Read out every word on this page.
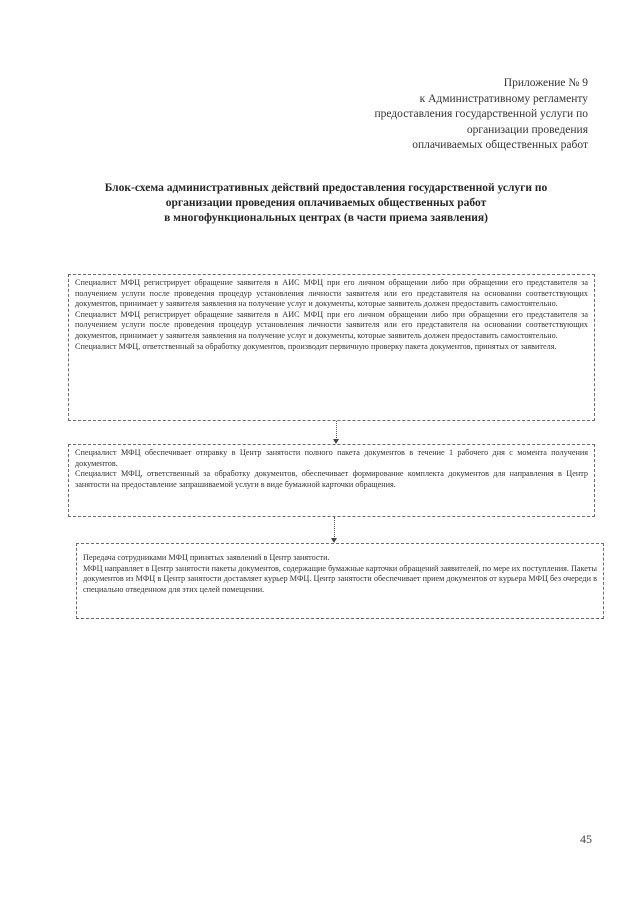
Приложение № 9
к Административному регламенту
предоставления государственной услуги по
организации проведения
оплачиваемых общественных работ
Блок-схема административных действий предоставления государственной услуги по
организации проведения оплачиваемых общественных работ
в многофункциональных центрах (в части приема заявления)

Специалист МФЦ регистрирует обращение заявителя в АИС МФЦ при его личном обращении либо при обращении его представителя за получением услуги после проведения процедур установления личности заявителя или его представителя на основании соответствующих документов, принимает у заявителя заявления на получение услуг и документы, которые заявитель должен предоставить самостоятельно.

Специалист МФЦ регистрирует обращение заявителя в АИС МФЦ при его личном обращении либо при обращении его представителя за получением услуги после проведения процедур установления личности заявителя или его представителя на основании соответствующих документов, принимает у заявителя заявления на получение услуг и документы, которые заявитель должен предоставить самостоятельно.

Специалист МФЦ, ответственный за обработку документов, производит первичную проверку пакета документов, принятых от заявителя.

Специалист МФЦ обеспечивает отправку в Центр занятости полного пакета документов в течение 1 рабочего дня с момента получения документов.

Специалист МФЦ, ответственный за обработку документов, обеспечивает формирование комплекта документов для направления в Центр занятости на предоставление запрашиваемой услуги в виде бумажной карточки обращения.

Передача сотрудниками МФЦ принятых заявлений в Центр занятости.

МФЦ направляет в Центр занятости пакеты документов, содержащие бумажные карточки обращений заявителей, по мере их поступления. Пакеты документов из МФЦ в Центр занятости доставляет курьер МФЦ. Центр занятости обеспечивает прием документов от курьера МФЦ без очереди в специально отведенном для этих целей помещении.

45
